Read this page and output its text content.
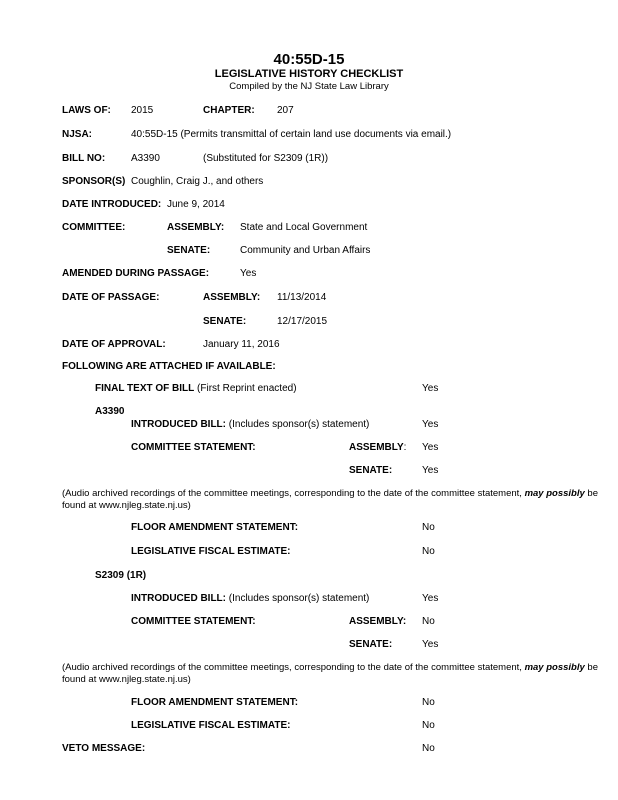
40:55D-15
LEGISLATIVE HISTORY CHECKLIST
Compiled by the NJ State Law Library
LAWS OF: 2015	CHAPTER: 207
NJSA:	40:55D-15 (Permits transmittal of certain land use documents via email.)
BILL NO:	A3390	(Substituted for S2309 (1R))
SPONSOR(S) Coughlin, Craig J., and others
DATE INTRODUCED: June 9, 2014
COMMITTEE:	ASSEMBLY: State and Local Government
SENATE:	Community and Urban Affairs
AMENDED DURING PASSAGE:	Yes
DATE OF PASSAGE:	ASSEMBLY: 11/13/2014
SENATE:	12/17/2015
DATE OF APPROVAL:	January 11, 2016
FOLLOWING ARE ATTACHED IF AVAILABLE:
FINAL TEXT OF BILL (First Reprint enacted)	Yes
A3390
INTRODUCED BILL: (Includes sponsor(s) statement)	Yes
COMMITTEE STATEMENT:	ASSEMBLY: Yes
SENATE:	Yes
(Audio archived recordings of the committee meetings, corresponding to the date of the committee statement, may possibly be found at www.njleg.state.nj.us)
FLOOR AMENDMENT STATEMENT:	No
LEGISLATIVE FISCAL ESTIMATE:	No
S2309 (1R)
INTRODUCED BILL: (Includes sponsor(s) statement)	Yes
COMMITTEE STATEMENT:	ASSEMBLY: No
SENATE:	Yes
(Audio archived recordings of the committee meetings, corresponding to the date of the committee statement, may possibly be found at www.njleg.state.nj.us)
FLOOR AMENDMENT STATEMENT:	No
LEGISLATIVE FISCAL ESTIMATE:	No
VETO MESSAGE:	No
